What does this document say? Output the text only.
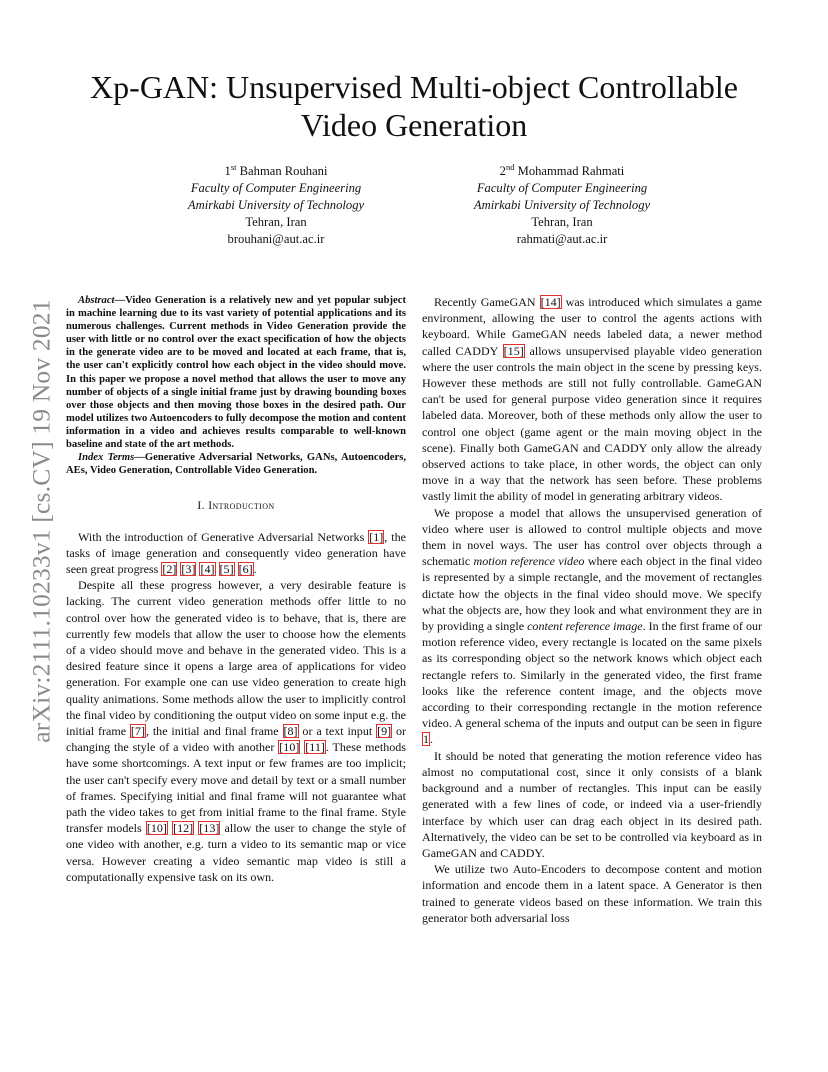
arXiv:2111.10233v1 [cs.CV] 19 Nov 2021
Xp-GAN: Unsupervised Multi-object Controllable Video Generation
1st Bahman Rouhani
Faculty of Computer Engineering
Amirkabi University of Technology
Tehran, Iran
brouhani@aut.ac.ir
2nd Mohammad Rahmati
Faculty of Computer Engineering
Amirkabi University of Technology
Tehran, Iran
rahmati@aut.ac.ir

Abstract—Video Generation is a relatively new and yet popular subject in machine learning due to its vast variety of potential applications and its numerous challenges. Current methods in Video Generation provide the user with little or no control over the exact specification of how the objects in the generate video are to be moved and located at each frame, that is, the user can't explicitly control how each object in the video should move. In this paper we propose a novel method that allows the user to move any number of objects of a single initial frame just by drawing bounding boxes over those objects and then moving those boxes in the desired path. Our model utilizes two Autoencoders to fully decompose the motion and content information in a video and achieves results comparable to well-known baseline and state of the art methods.

Index Terms—Generative Adversarial Networks, GANs, Autoencoders, AEs, Video Generation, Controllable Video Generation.

I. Introduction

With the introduction of Generative Adversarial Networks [1], the tasks of image generation and consequently video generation have seen great progress [2] [3] [4] [5] [6].

Despite all these progress however, a very desirable feature is lacking. The current video generation methods offer little to no control over how the generated video is to behave, that is, there are currently few models that allow the user to choose how the elements of a video should move and behave in the generated video. This is a desired feature since it opens a large area of applications for video generation. For example one can use video generation to create high quality animations. Some methods allow the user to implicitly control the final video by conditioning the output video on some input e.g. the initial frame [7], the initial and final frame [8] or a text input [9] or changing the style of a video with another [10] [11]. These methods have some shortcomings. A text input or few frames are too implicit; the user can't specify every move and detail by text or a small number of frames. Specifying initial and final frame will not guarantee what path the video takes to get from initial frame to the final frame. Style transfer models [10] [12] [13] allow the user to change the style of one video with another, e.g. turn a video to its semantic map or vice versa. However creating a video semantic map video is still a computationally expensive task on its own.

Recently GameGAN [14] was introduced which simulates a game environment, allowing the user to control the agents actions with keyboard. While GameGAN needs labeled data, a newer method called CADDY [15] allows unsupervised playable video generation where the user controls the main object in the scene by pressing keys. However these methods are still not fully controllable. GameGAN can't be used for general purpose video generation since it requires labeled data. Moreover, both of these methods only allow the user to control one object (game agent or the main moving object in the scene). Finally both GameGAN and CADDY only allow the already observed actions to take place, in other words, the object can only move in a way that the network has seen before. These problems vastly limit the ability of model in generating arbitrary videos.

We propose a model that allows the unsupervised generation of video where user is allowed to control multiple objects and move them in novel ways. The user has control over objects through a schematic motion reference video where each object in the final video is represented by a simple rectangle, and the movement of rectangles dictate how the objects in the final video should move. We specify what the objects are, how they look and what environment they are in by providing a single content reference image. In the first frame of our motion reference video, every rectangle is located on the same pixels as its corresponding object so the network knows which object each rectangle refers to. Similarly in the generated video, the first frame looks like the reference content image, and the objects move according to their corresponding rectangle in the motion reference video. A general schema of the inputs and output can be seen in figure 1.

It should be noted that generating the motion reference video has almost no computational cost, since it only consists of a blank background and a number of rectangles. This input can be easily generated with a few lines of code, or indeed via a user-friendly interface by which user can drag each object in its desired path. Alternatively, the video can be set to be controlled via keyboard as in GameGAN and CADDY.

We utilize two Auto-Encoders to decompose content and motion information and encode them in a latent space. A Generator is then trained to generate videos based on these information. We train this generator both adversarial loss
